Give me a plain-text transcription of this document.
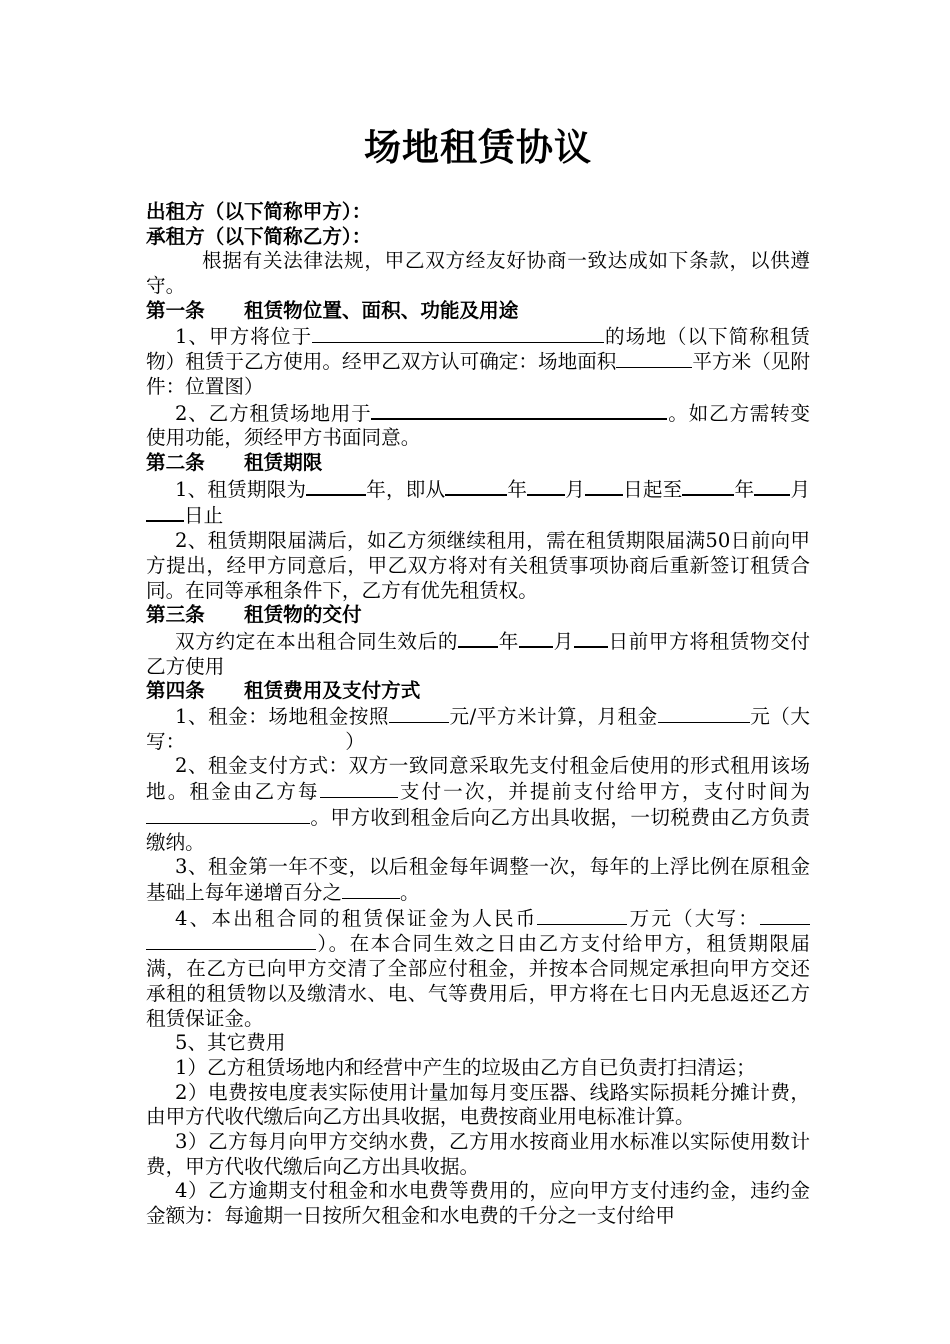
场地租赁协议

出租方（以下简称甲方）：

承租方（以下简称乙方）：

根据有关法律法规，甲乙双方经友好协商一致达成如下条款，以供遵守。

第一条	租赁物位置、面积、功能及用途

1、甲方将位于	的场地（以下简称租赁物）租赁于乙方使用。经甲乙双方认可确定：场地面积	平方米（见附件：位置图）

2、乙方租赁场地用于	。如乙方需转变使用功能，须经甲方书面同意。

第二条	租赁期限

1、租赁期限为	年，即从	年 月 日起至	年 月日止

2、租赁期限届满后，如乙方须继续租用，需在租赁期限届满50日前向甲方提出，经甲方同意后，甲乙双方将对有关租赁事项协商后重新签订租赁合同。在同等承租条件下，乙方有优先租赁权。

第三条	租赁物的交付

双方约定在本出租合同生效后的 年 月 日前甲方将租赁物交付乙方使用

第四条	租赁费用及支付方式

1、租金：场地租金按照	元/平方米计算，月租金	元（大写：	）

2、租金支付方式：双方一致同意采取先支付租金后使用的形式租用该场地。租金由乙方每	支付一次，并提前支付给甲方，支付时间为。甲方收到租金后向乙方出具收据，一切税费由乙方负责缴纳。

3、租金第一年不变，以后租金每年调整一次，每年的上浮比例在原租金基础上每年递增百分之	。

4、本出租合同的租赁保证金为人民币	万元（大写：）。在本合同生效之日由乙方支付给甲方，租赁期限届满，在乙方已向甲方交清了全部应付租金，并按本合同规定承担向甲方交还承租的租赁物以及缴清水、电、气等费用后，甲方将在七日内无息返还乙方租赁保证金。

5、其它费用

1）乙方租赁场地内和经营中产生的垃圾由乙方自已负责打扫清运；

2）电费按电度表实际使用计量加每月变压器、线路实际损耗分摊计费，由甲方代收代缴后向乙方出具收据，电费按商业用电标准计算。

3）乙方每月向甲方交纳水费，乙方用水按商业用水标准以实际使用数计费，甲方代收代缴后向乙方出具收据。

4）乙方逾期支付租金和水电费等费用的，应向甲方支付违约金，违约金金额为：每逾期一日按所欠租金和水电费的千分之一支付给甲
